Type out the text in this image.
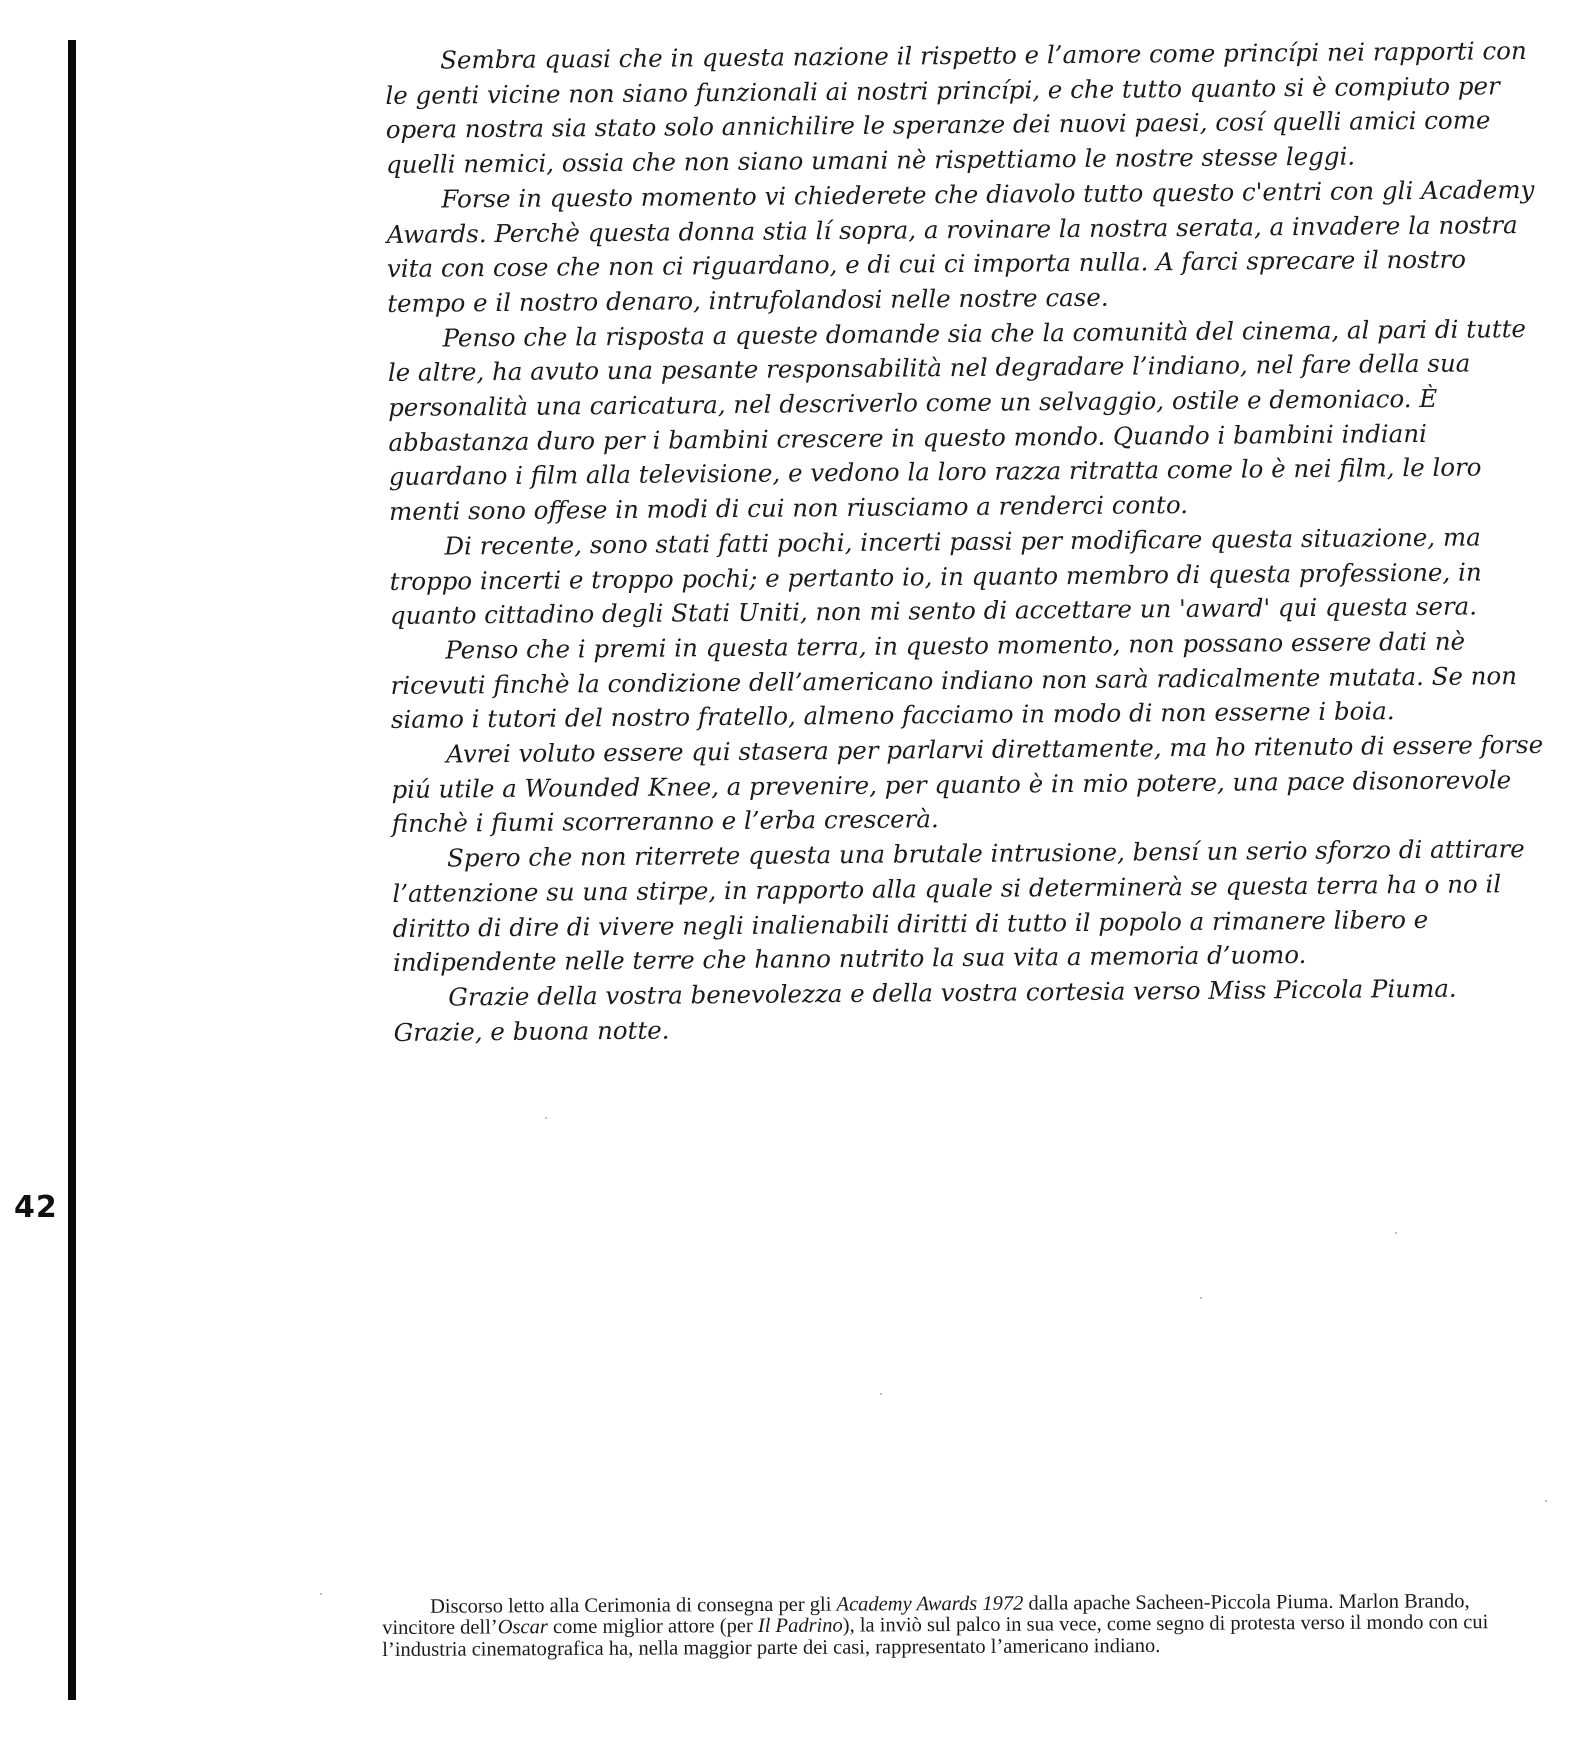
42

Sembra quasi che in questa nazione il rispetto e l’amore come princípi nei rapporti con le genti vicine non siano funzionali ai nostri princípi, e che tutto quanto si è compiuto per opera nostra sia stato solo annichilire le speranze dei nuovi paesi, cosí quelli amici come quelli nemici, ossia che non siano umani nè rispettiamo le nostre stesse leggi.

Forse in questo momento vi chiederete che diavolo tutto questo c'entri con gli Academy Awards. Perchè questa donna stia lí sopra, a rovinare la nostra serata, a invadere la nostra vita con cose che non ci riguardano, e di cui ci importa nulla. A farci sprecare il nostro tempo e il nostro denaro, intrufolandosi nelle nostre case.

Penso che la risposta a queste domande sia che la comunità del cinema, al pari di tutte le altre, ha avuto una pesante responsabilità nel degradare l’indiano, nel fare della sua personalità una caricatura, nel descriverlo come un selvaggio, ostile e demoniaco. È abbastanza duro per i bambini crescere in questo mondo. Quando i bambini indiani guardano i film alla televisione, e vedono la loro razza ritratta come lo è nei film, le loro menti sono offese in modi di cui non riusciamo a renderci conto.

Di recente, sono stati fatti pochi, incerti passi per modificare questa situazione, ma troppo incerti e troppo pochi; e pertanto io, in quanto membro di questa professione, in quanto cittadino degli Stati Uniti, non mi sento di accettare un 'award' qui questa sera.

Penso che i premi in questa terra, in questo momento, non possano essere dati nè ricevuti finchè la condizione dell’americano indiano non sarà radicalmente mutata. Se non siamo i tutori del nostro fratello, almeno facciamo in modo di non esserne i boia.

Avrei voluto essere qui stasera per parlarvi direttamente, ma ho ritenuto di essere forse piú utile a Wounded Knee, a prevenire, per quanto è in mio potere, una pace disonorevole finchè i fiumi scorreranno e l’erba crescerà.

Spero che non riterrete questa una brutale intrusione, bensí un serio sforzo di attirare l’attenzione su una stirpe, in rapporto alla quale si determinerà se questa terra ha o no il diritto di dire di vivere negli inalienabili diritti di tutto il popolo a rimanere libero e indipendente nelle terre che hanno nutrito la sua vita a memoria d’uomo.

Grazie della vostra benevolezza e della vostra cortesia verso Miss Piccola Piuma. Grazie, e buona notte.

Discorso letto alla Cerimonia di consegna per gli Academy Awards 1972 dalla apache Sacheen-Piccola Piuma. Marlon Brando, vincitore dell’Oscar come miglior attore (per Il Padrino), la inviò sul palco in sua vece, come segno di protesta verso il mondo con cui l’industria cinematografica ha, nella maggior parte dei casi, rappresentato l’americano indiano.
